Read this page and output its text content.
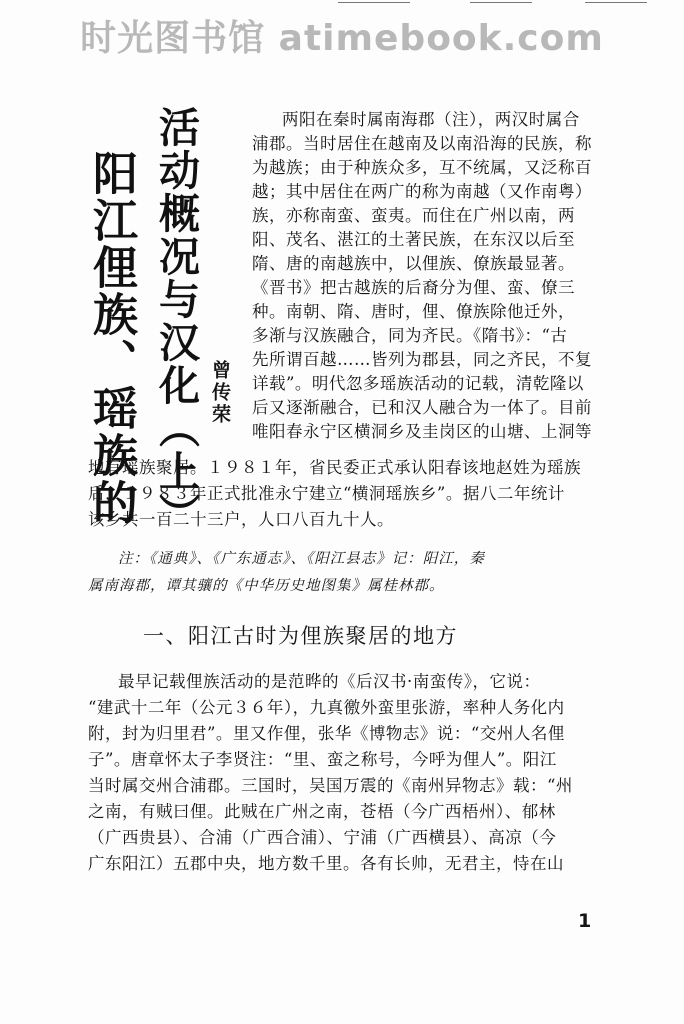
时光图书馆 atimebook.com
阳江俚族、瑶族的 活动概况与汉化（上） 曾传荣
两阳在秦时属南海郡（注），两汉时属合
浦郡。当时居住在越南及以南沿海的民族，称
为越族；由于种族众多，互不统属，又泛称百
越；其中居住在两广的称为南越（又作南粤）
族，亦称南蛮、蛮夷。而住在广州以南，两
阳、茂名、湛江的土著民族，在东汉以后至
隋、唐的南越族中，以俚族、僚族最显著。
《晋书》把古越族的后裔分为俚、蛮、僚三
种。南朝、隋、唐时，俚、僚族除他迁外，
多渐与汉族融合，同为齐民。《隋书》：“古
先所谓百越……皆列为郡县，同之齐民，不复
详载”。明代忽多瑶族活动的记载，清乾隆以
后又逐渐融合，已和汉人融合为一体了。目前
唯阳春永宁区横洞乡及圭岗区的山塘、上洞等
地有瑶族聚居。１９８１年，省民委正式承认阳春该地赵姓为瑶族
后，１９８３年正式批准永宁建立“横洞瑶族乡”。据八二年统计
该乡共一百二十三户，人口八百九十人。
注：《通典》、《广东通志》、《阳江县志》记：阳江，秦
属南海郡，谭其骧的《中华历史地图集》属桂林郡。
一、阳江古时为俚族聚居的地方
最早记载俚族活动的是范晔的《后汉书·南蛮传》，它说：
“建武十二年（公元３６年），九真徼外蛮里张游，率种人务化内
附，封为归里君”。里又作俚，张华《博物志》说：“交州人名俚
子”。唐章怀太子李贤注：“里、蛮之称号，今呼为俚人”。阳江
当时属交州合浦郡。三国时，吴国万震的《南州异物志》载：“州
之南，有贼曰俚。此贼在广州之南，苍梧（今广西梧州）、郁林
（广西贵县）、合浦（广西合浦）、宁浦（广西横县）、高凉（今
广东阳江）五郡中央，地方数千里。各有长帅，无君主，恃在山
1
